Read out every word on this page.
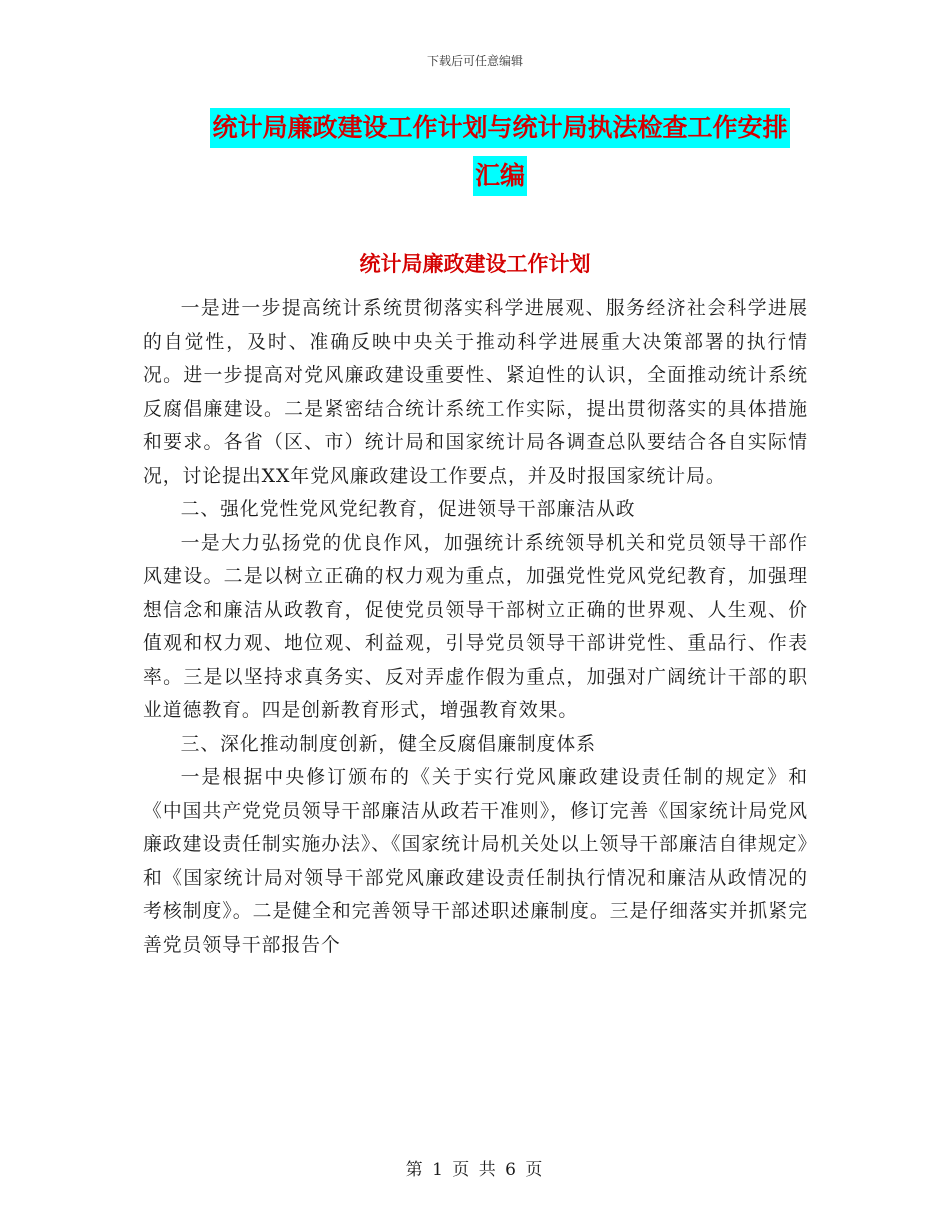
下载后可任意编辑
统计局廉政建设工作计划与统计局执法检查工作安排
汇编
统计局廉政建设工作计划

一是进一步提高统计系统贯彻落实科学进展观、服务经济社会科学进展的自觉性，及时、准确反映中央关于推动科学进展重大决策部署的执行情况。进一步提高对党风廉政建设重要性、紧迫性的认识，全面推动统计系统反腐倡廉建设。二是紧密结合统计系统工作实际，提出贯彻落实的具体措施和要求。各省（区、市）统计局和国家统计局各调查总队要结合各自实际情况，讨论提出XX年党风廉政建设工作要点，并及时报国家统计局。

二、强化党性党风党纪教育，促进领导干部廉洁从政

一是大力弘扬党的优良作风，加强统计系统领导机关和党员领导干部作风建设。二是以树立正确的权力观为重点，加强党性党风党纪教育，加强理想信念和廉洁从政教育，促使党员领导干部树立正确的世界观、人生观、价值观和权力观、地位观、利益观，引导党员领导干部讲党性、重品行、作表率。三是以坚持求真务实、反对弄虚作假为重点，加强对广阔统计干部的职业道德教育。四是创新教育形式，增强教育效果。

三、深化推动制度创新，健全反腐倡廉制度体系

一是根据中央修订颁布的《关于实行党风廉政建设责任制的规定》和《中国共产党党员领导干部廉洁从政若干准则》，修订完善《国家统计局党风廉政建设责任制实施办法》、《国家统计局机关处以上领导干部廉洁自律规定》和《国家统计局对领导干部党风廉政建设责任制执行情况和廉洁从政情况的考核制度》。二是健全和完善领导干部述职述廉制度。三是仔细落实并抓紧完善党员领导干部报告个

第 1 页 共 6 页
